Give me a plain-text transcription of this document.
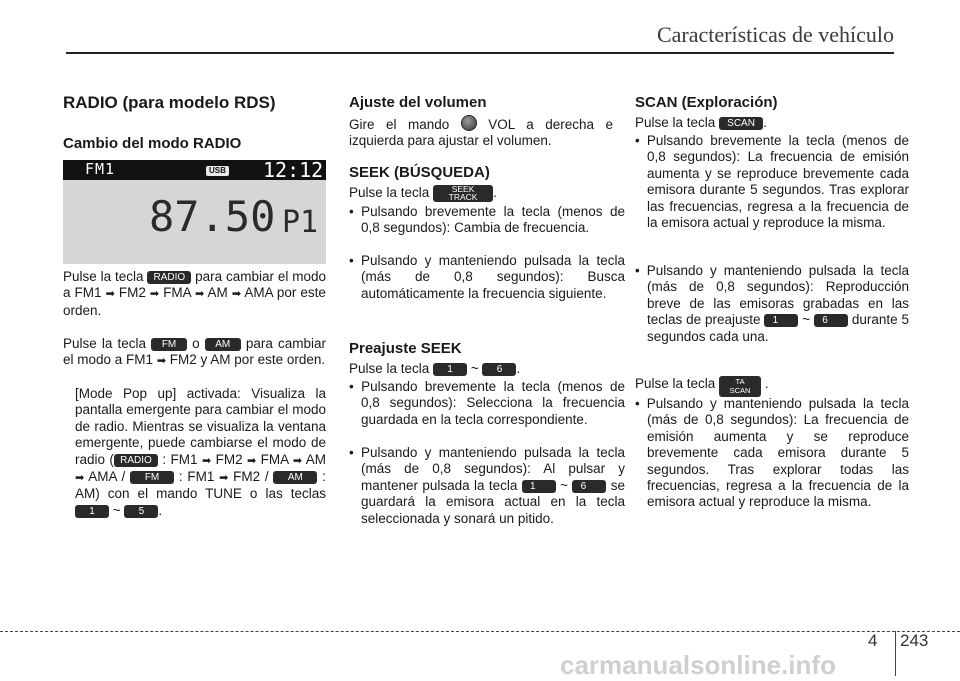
Características de vehículo
RADIO (para modelo RDS)
Cambio del modo RADIO
FM1	USB 12:12
87.50 P1
Pulse la tecla RADIO para cambiar el modo a FM1 ➡ FM2 ➡ FMA ➡ AM ➡ AMA por este orden.
Pulse la tecla FM o AM para cambiar el modo a FM1 ➡ FM2 y AM por este orden.
[Mode Pop up] activada: Visualiza la pantalla emergente para cambiar el modo de radio. Mientras se visualiza la ventana emergente, puede cambiarse el modo de radio ( RADIO : FM1 ➡ FM2 ➡ FMA ➡ AM ➡ AMA / FM : FM1 ➡ FM2 / AM : AM) con el mando TUNE o las teclas 1 ~ 5 .
Ajuste del volumen
Gire el mando	VOL a derecha e izquierda para ajustar el volumen.
SEEK (BÚSQUEDA)
Pulse la tecla	SEEK
TRACK	.
• Pulsando brevemente la tecla (menos de 0,8 segundos): Cambia de frecuencia.
• Pulsando y manteniendo pulsada la tecla (más de 0,8 segundos): Busca automáticamente la frecuencia siguiente.
Preajuste SEEK
Pulse la tecla 1 ~ 6 .
• Pulsando brevemente la tecla (menos de 0,8 segundos): Selecciona la frecuencia guardada en la tecla correspondiente.
• Pulsando y manteniendo pulsada la tecla (más de 0,8 segundos): Al pulsar y mantener pulsada la tecla 1 ~ 6 se guardará la emisora actual en la tecla seleccionada y sonará un pitido.
SCAN (Exploración)
Pulse la tecla SCAN .
• Pulsando brevemente la tecla (menos de 0,8 segundos): La frecuencia de emisión aumenta y se reproduce brevemente cada emisora durante 5 segundos. Tras explorar las frecuencias, regresa a la frecuencia de la emisora actual y reproduce la misma.
• Pulsando y manteniendo pulsada la tecla (más de 0,8 segundos): Reproducción breve de las emisoras grabadas en las teclas de preajuste 1 ~ 6 durante 5 segundos cada una.
Pulse la tecla	TA
SCAN	.
• Pulsando y manteniendo pulsada la tecla (más de 0,8 segundos): La frecuencia de emisión aumenta y se reproduce brevemente cada emisora durante 5 segundos. Tras explorar todas las frecuencias, regresa a la frecuencia de la emisora actual y reproduce la misma.
4 243
carmanualsonline.info
